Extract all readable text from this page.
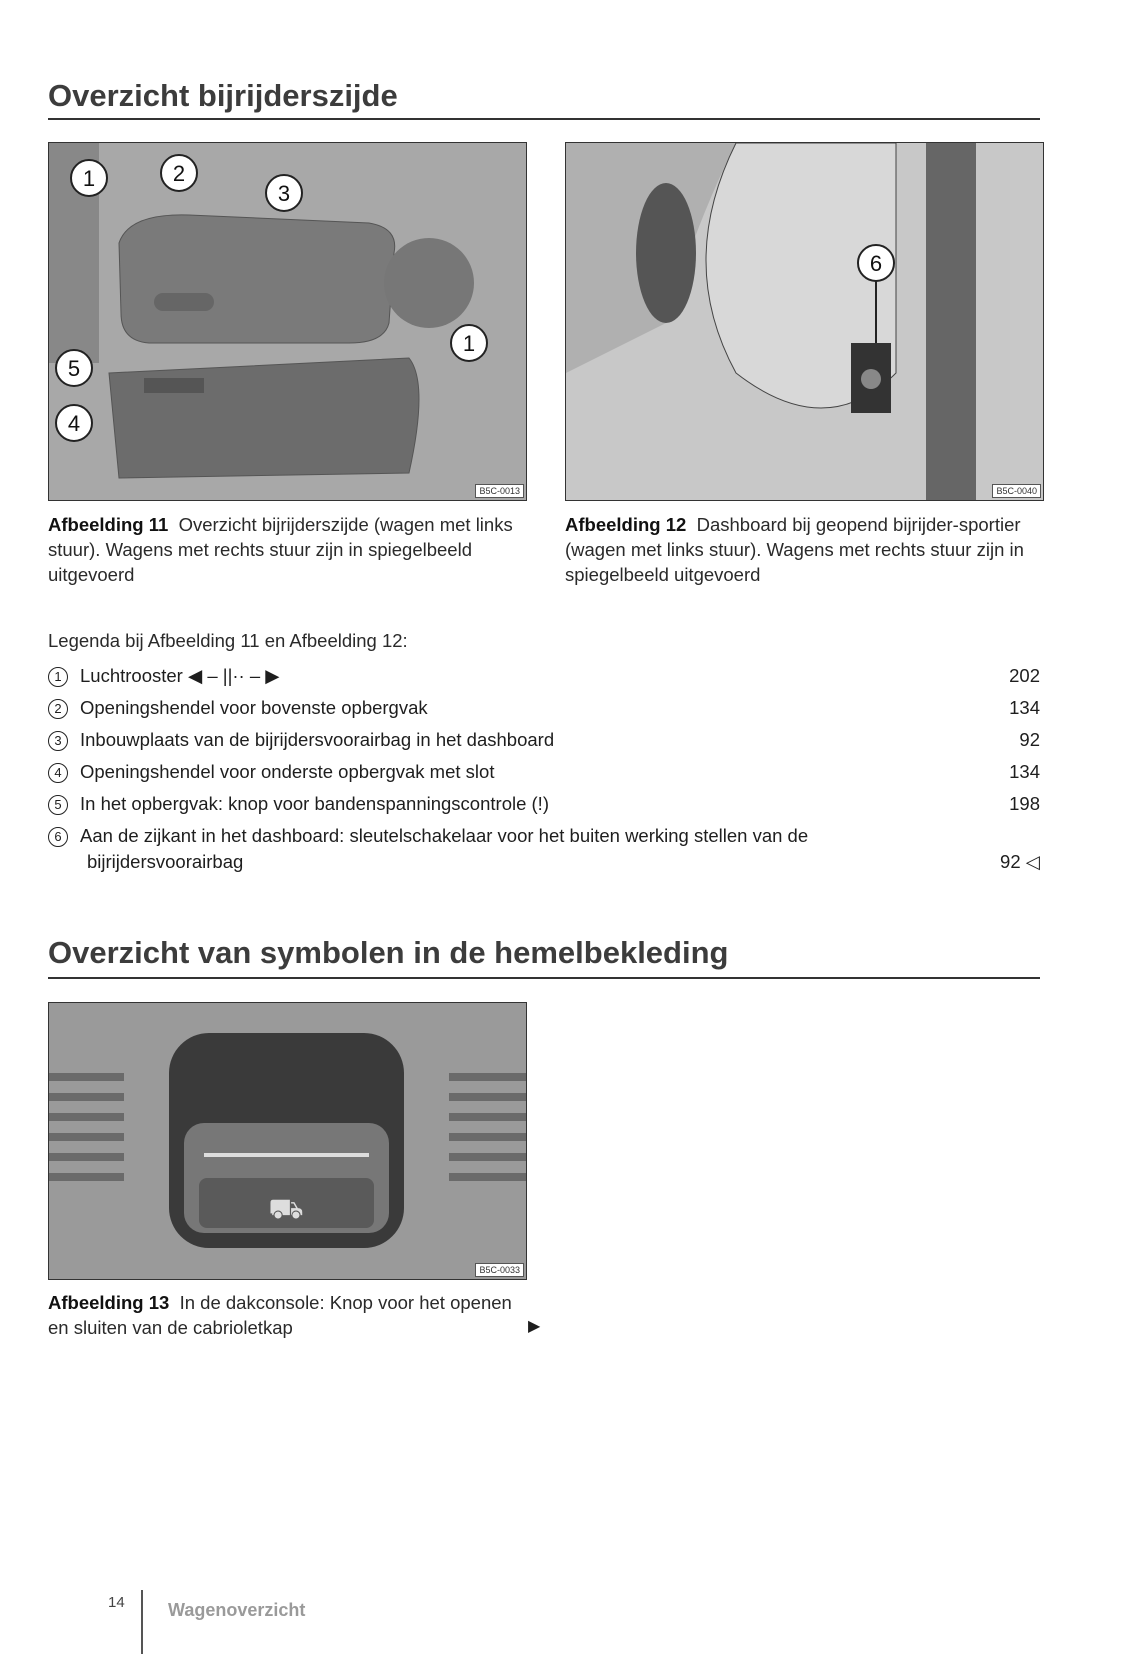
Overzicht bijrijderszijde
1	2
3
1
5
4
B5C-0013
6
B5C-0040
Afbeelding 11 Overzicht bijrijderszijde (wagen met links stuur). Wagens met rechts stuur zijn in spiegelbeeld uitgevoerd
Afbeelding 12 Dashboard bij geopend bijrijder-sportier (wagen met links stuur). Wagens met rechts stuur zijn in spiegelbeeld uitgevoerd
Legenda bij Afbeelding 11 en Afbeelding 12:
1 Luchtrooster ◀ – ||·· – ▶	202
2 Openingshendel voor bovenste opbergvak	134
3 Inbouwplaats van de bijrijdersvoorairbag in het dashboard	92
4 Openingshendel voor onderste opbergvak met slot	134
5 In het opbergvak: knop voor bandenspanningscontrole (!)	198
6 Aan de zijkant in het dashboard: sleutelschakelaar voor het buiten werking stellen van de
bijrijdersvoorairbag	92 ◁
Overzicht van symbolen in de hemelbekleding
⛟
B5C-0033
Afbeelding 13 In de dakconsole: Knop voor het openen en sluiten van de cabrioletkap	▶
14 Wagenoverzicht
